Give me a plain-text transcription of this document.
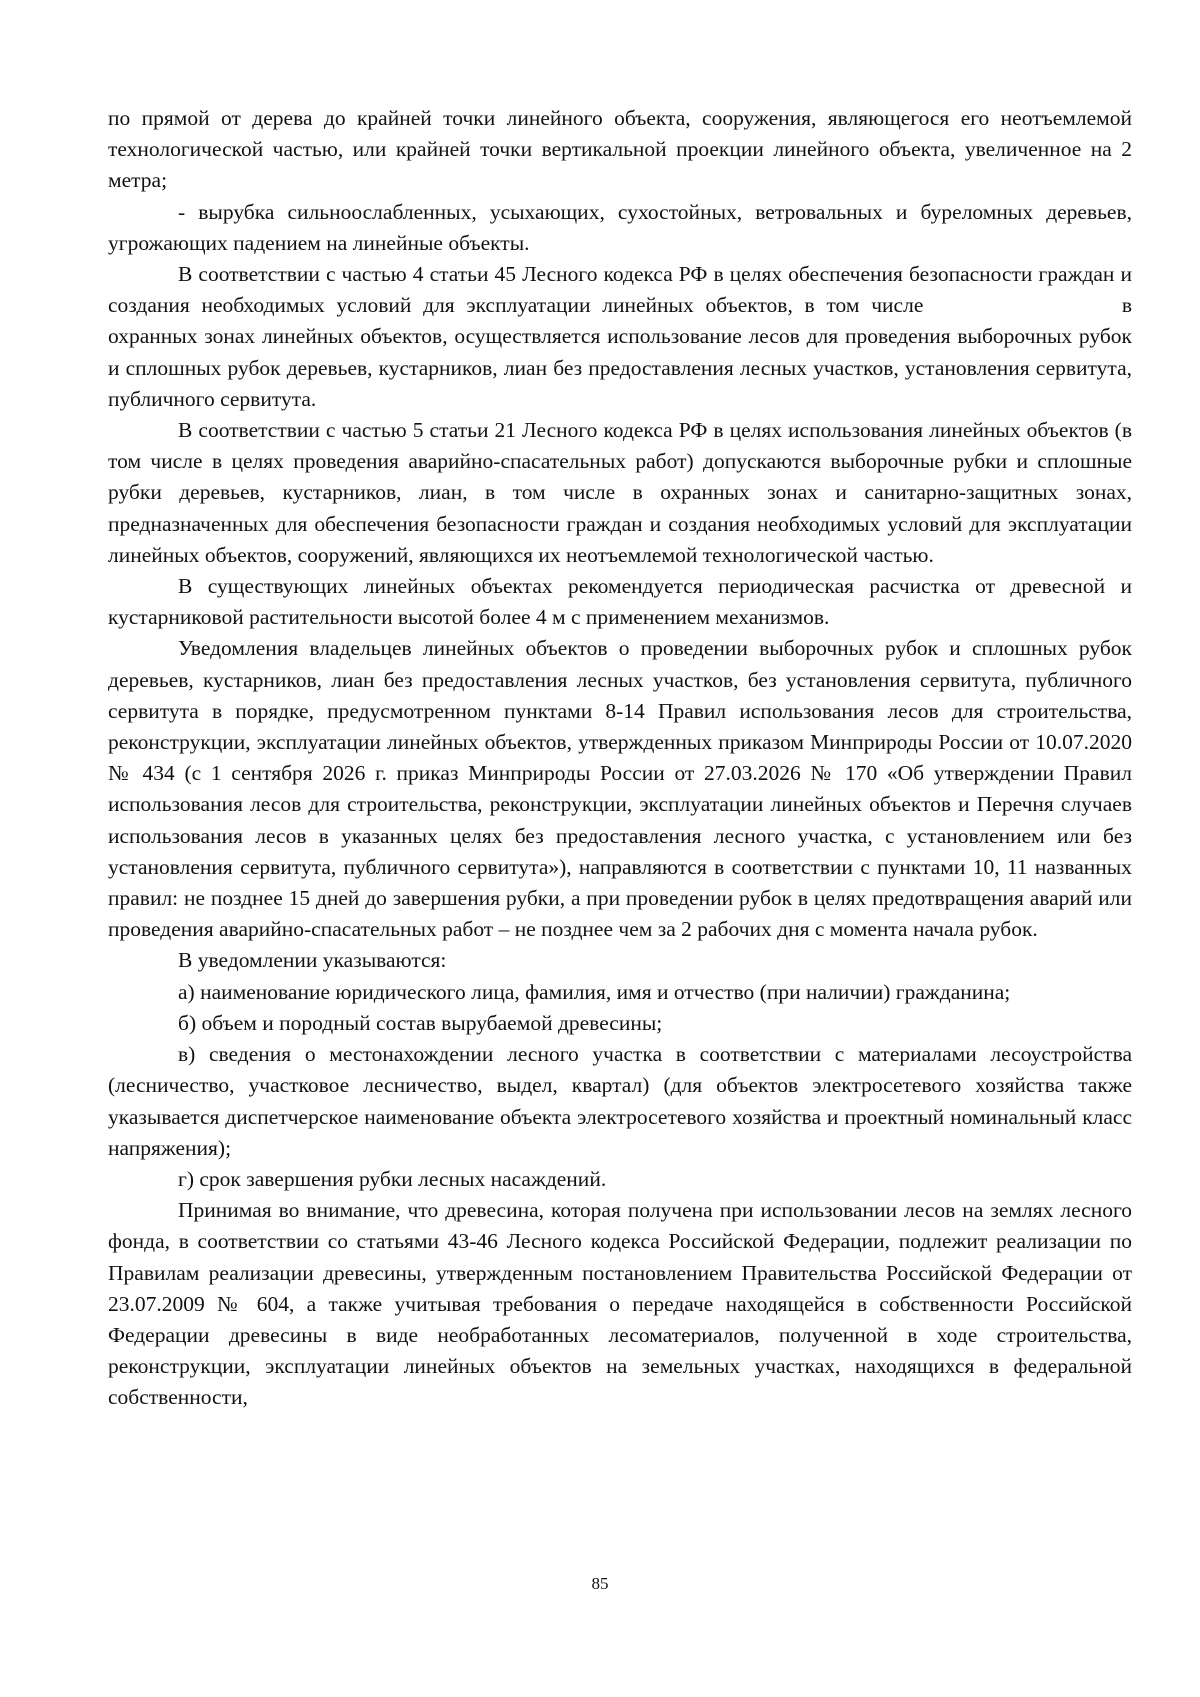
по прямой от дерева до крайней точки линейного объекта, сооружения, являющегося его неотъемлемой технологической частью, или крайней точки вертикальной проекции линейного объекта, увеличенное на 2 метра;

- вырубка сильноослабленных, усыхающих, сухостойных, ветровальных и буреломных деревьев, угрожающих падением на линейные объекты.

В соответствии с частью 4 статьи 45 Лесного кодекса РФ в целях обеспечения безопасности граждан и создания необходимых условий для эксплуатации линейных объектов, в том числе	в охранных зонах линейных объектов, осуществляется использование лесов для проведения выборочных рубок и сплошных рубок деревьев, кустарников, лиан без предоставления лесных участков, установления сервитута, публичного сервитута.

В соответствии с частью 5 статьи 21 Лесного кодекса РФ в целях использования линейных объектов (в том числе в целях проведения аварийно-спасательных работ) допускаются выборочные рубки и сплошные рубки деревьев, кустарников, лиан, в том числе в охранных зонах и санитарно-защитных зонах, предназначенных для обеспечения безопасности граждан и создания необходимых условий для эксплуатации линейных объектов, сооружений, являющихся их неотъемлемой технологической частью.

В существующих линейных объектах рекомендуется периодическая расчистка от древесной и кустарниковой растительности высотой более 4 м с применением механизмов.

Уведомления владельцев линейных объектов о проведении выборочных рубок и сплошных рубок деревьев, кустарников, лиан без предоставления лесных участков, без установления сервитута, публичного сервитута в порядке, предусмотренном пунктами 8-14 Правил использования лесов для строительства, реконструкции, эксплуатации линейных объектов, утвержденных приказом Минприроды России от 10.07.2020 № 434 (с 1 сентября 2026 г. приказ Минприроды России от 27.03.2026 № 170 «Об утверждении Правил использования лесов для строительства, реконструкции, эксплуатации линейных объектов и Перечня случаев использования лесов в указанных целях без предоставления лесного участка, с установлением или без установления сервитута, публичного сервитута»), направляются в соответствии с пунктами 10, 11 названных правил: не позднее 15 дней до завершения рубки, а при проведении рубок в целях предотвращения аварий или проведения аварийно-спасательных работ – не позднее чем за 2 рабочих дня с момента начала рубок.

В уведомлении указываются:

а) наименование юридического лица, фамилия, имя и отчество (при наличии) гражданина;

б) объем и породный состав вырубаемой древесины;

в) сведения о местонахождении лесного участка в соответствии с материалами лесоустройства (лесничество, участковое лесничество, выдел, квартал) (для объектов электросетевого хозяйства также указывается диспетчерское наименование объекта электросетевого хозяйства и проектный номинальный класс напряжения);

г) срок завершения рубки лесных насаждений.

Принимая во внимание, что древесина, которая получена при использовании лесов на землях лесного фонда, в соответствии со статьями 43-46 Лесного кодекса Российской Федерации, подлежит реализации по Правилам реализации древесины, утвержденным постановлением Правительства Российской Федерации от 23.07.2009 № 604, а также учитывая требования о передаче находящейся в собственности Российской Федерации древесины в виде необработанных лесоматериалов, полученной в ходе строительства, реконструкции, эксплуатации линейных объектов на земельных участках, находящихся в федеральной собственности,

85
